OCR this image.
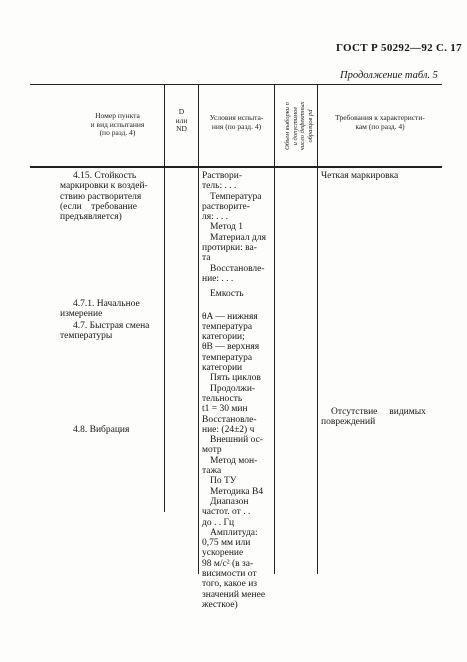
ГОСТ Р 50292—92 С. 17
Продолжение табл. 5
Номер пункта
и вид испытания
(по разд. 4)
D
или
ND
Условия испыта-
ния (по разд. 4)	Объем выборки п и допустимое число дефектных образцов рd	Требования к характеристи-
кам (по разд. 4)
4.15. Стойкость
маркировки к воздей-
ствию растворителя
(если    требование
предъявляется)
4.7.1. Начальное
измерение
4.7. Быстрая смена
температуры
4.8. Вибрация
Раствори-
тель: . . .
Температура
растворите-
ля: . . .
Метод 1
Материал для
протирки: ва-
та
Восстановле-
ние: . . .
Емкость
θA — нижняя
температура
категории;
θB — верхняя
температура
категории
Пять циклов
Продолжи-
тельность
t1 = 30 мин
Восстановле-
ние: (24±2) ч
Внешний ос-
мотр
Метод мон-
тажа
По ТУ
Методика В4
Диапазон
частот. от . .
до . . Гц
Амплитуда:
0,75 мм или
ускорение
98 м/с² (в за-
висимости от
того, какое из
значений менее
жесткое)
Четкая маркировка
Отсутствие     видимых
повреждений
